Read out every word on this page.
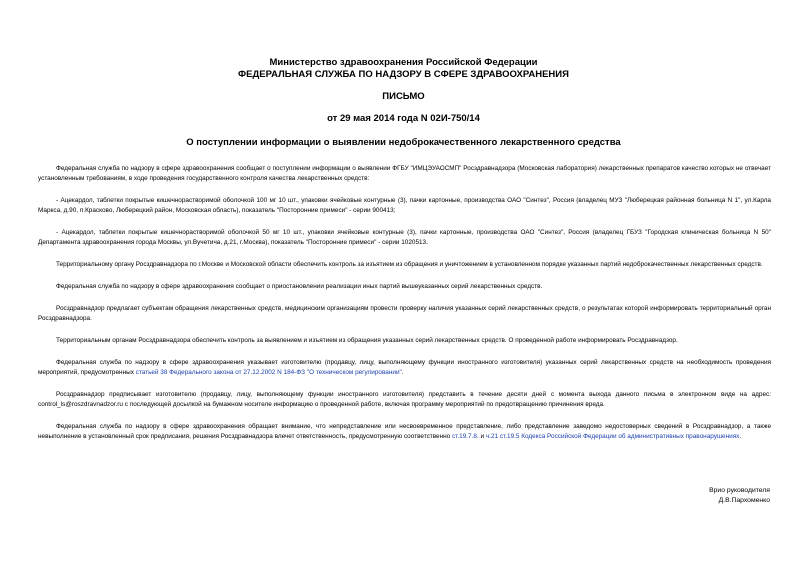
Министерство здравоохранения Российской Федерации
ФЕДЕРАЛЬНАЯ СЛУЖБА ПО НАДЗОРУ В СФЕРЕ ЗДРАВООХРАНЕНИЯ
ПИСЬМО
от 29 мая 2014 года N 02И-750/14
О поступлении информации о выявлении недоброкачественного лекарственного средства

Федеральная служба по надзору в сфере здравоохранения сообщает о поступлении информации о выявлении ФГБУ "ИМЦЭУАОСМП" Росздравнадзора (Московская лаборатория) лекарственных препаратов качество которых не отвечает установленным требованиям, в ходе проведения государственного контроля качества лекарственных средств:

- Ацекардол, таблетки покрытые кишечнорастворимой оболочкой 100 мг 10 шт., упаковки ячейковые контурные (3), пачки картонные, производства ОАО "Синтез", Россия (владелец МУЗ "Люберецкая районная больница N 1", ул.Карла Маркса, д.90, п.Красково, Люберецкий район, Московская область), показатель "Посторонние примеси" - серии 900413;

- Ацекардол, таблетки покрытые кишечнорастворимой оболочкой 50 мг 10 шт., упаковки ячейковые контурные (3), пачки картонные, производства ОАО "Синтез", Россия (владелец ГБУЗ "Городская клиническая больница N 50" Департамента здравоохранения города Москвы, ул.Вучетича, д.21, г.Москва), показатель "Посторонние примеси" - серии 1020513.

Территориальному органу Росздравнадзора по г.Москве и Московской области обеспечить контроль за изъятием из обращения и уничтожением в установленном порядке указанных партий недоброкачественных лекарственных средств.

Федеральная служба по надзору в сфере здравоохранения сообщает о приостановлении реализации иных партий вышеуказанных серий лекарственных средств.

Росздравнадзор предлагает субъектам обращения лекарственных средств, медицинским организациям провести проверку наличия указанных серий лекарственных средств, о результатах которой информировать территориальный орган Росздравнадзора.

Территориальным органам Росздравнадзора обеспечить контроль за выявлением и изъятием из обращения указанных серий лекарственных средств. О проведенной работе информировать Росздравнадзор.

Федеральная служба по надзору в сфере здравоохранения указывает изготовителю (продавцу, лицу, выполняющему функции иностранного изготовителя) указанных серий лекарственных средств на необходимость проведения мероприятий, предусмотренных статьей 38 Федерального закона от 27.12.2002 N 184-ФЗ "О техническом регулировании".

Росздравнадзор предписывает изготовителю (продавцу, лицу, выполняющему функции иностранного изготовителя) представить в течение десяти дней с момента выхода данного письма в электронном виде на адрес: control_ls@roszdravnadzor.ru с последующей досылкой на бумажном носителе информацию о проведенной работе, включая программу мероприятий по предотвращению причинения вреда.

Федеральная служба по надзору в сфере здравоохранения обращает внимание, что непредставление или несвоевременное представление, либо представление заведомо недостоверных сведений в Росздравнадзор, а также невыполнение в установленный срок предписания, решения Росздравнадзора влечет ответственность, предусмотренную соответственно ст.19.7.8. и ч.21 ст.19.5 Кодекса Российской Федерации об административных правонарушениях.

Врио руководителя
Д.В.Пархоменко
